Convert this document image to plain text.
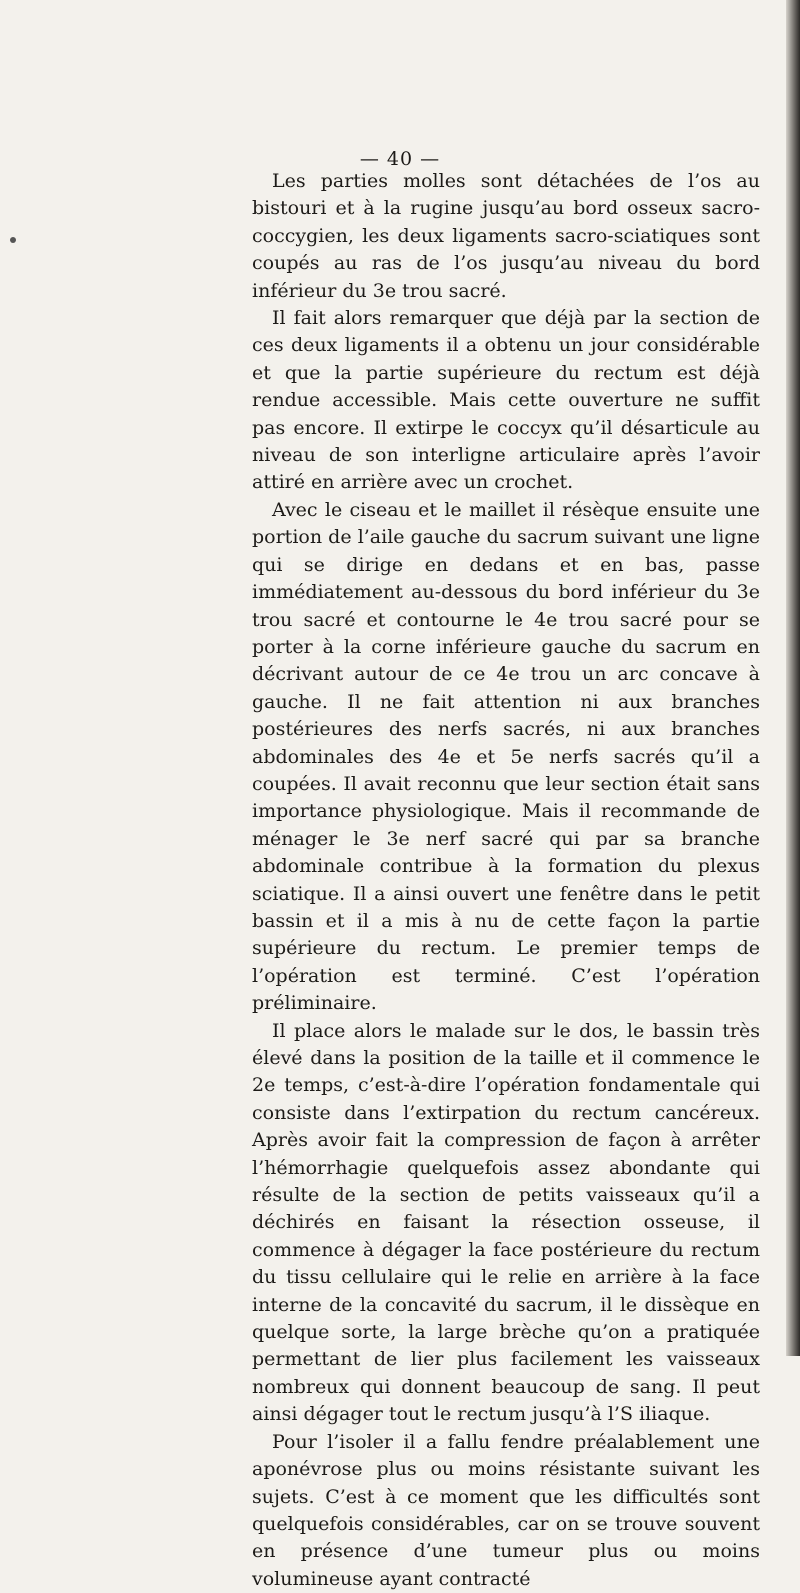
— 40 —

Les parties molles sont détachées de l’os au bistouri et à la rugine jusqu’au bord osseux sacro-coccygien, les deux ligaments sacro-sciatiques sont coupés au ras de l’os jusqu’au niveau du bord inférieur du 3e trou sacré.

Il fait alors remarquer que déjà par la section de ces deux ligaments il a obtenu un jour considérable et que la partie supérieure du rectum est déjà rendue accessible. Mais cette ouverture ne suffit pas encore. Il extirpe le coccyx qu’il désarticule au niveau de son interligne articulaire après l’avoir attiré en arrière avec un crochet.

Avec le ciseau et le maillet il résèque ensuite une portion de l’aile gauche du sacrum suivant une ligne qui se dirige en dedans et en bas, passe immédiatement au-dessous du bord inférieur du 3e trou sacré et contourne le 4e trou sacré pour se porter à la corne inférieure gauche du sacrum en décrivant autour de ce 4e trou un arc concave à gauche. Il ne fait attention ni aux branches postérieures des nerfs sacrés, ni aux branches abdominales des 4e et 5e nerfs sacrés qu’il a coupées. Il avait reconnu que leur section était sans importance physiologique. Mais il recommande de ménager le 3e nerf sacré qui par sa branche abdominale contribue à la formation du plexus sciatique. Il a ainsi ouvert une fenêtre dans le petit bassin et il a mis à nu de cette façon la partie supérieure du rectum. Le premier temps de l’opération est terminé. C’est l’opération préliminaire.

Il place alors le malade sur le dos, le bassin très élevé dans la position de la taille et il commence le 2e temps, c’est-à-dire l’opération fondamentale qui consiste dans l’extirpation du rectum cancéreux. Après avoir fait la compression de façon à arrêter l’hémorrhagie quelquefois assez abondante qui résulte de la section de petits vaisseaux qu’il a déchirés en faisant la résection osseuse, il commence à dégager la face postérieure du rectum du tissu cellulaire qui le relie en arrière à la face interne de la concavité du sacrum, il le dissèque en quelque sorte, la large brèche qu’on a pratiquée permettant de lier plus facilement les vaisseaux nombreux qui donnent beaucoup de sang. Il peut ainsi dégager tout le rectum jusqu’à l’S iliaque.

Pour l’isoler il a fallu fendre préalablement une aponévrose plus ou moins résistante suivant les sujets. C’est à ce moment que les difficultés sont quelquefois considérables, car on se trouve souvent en présence d’une tumeur plus ou moins volumineuse ayant contracté
